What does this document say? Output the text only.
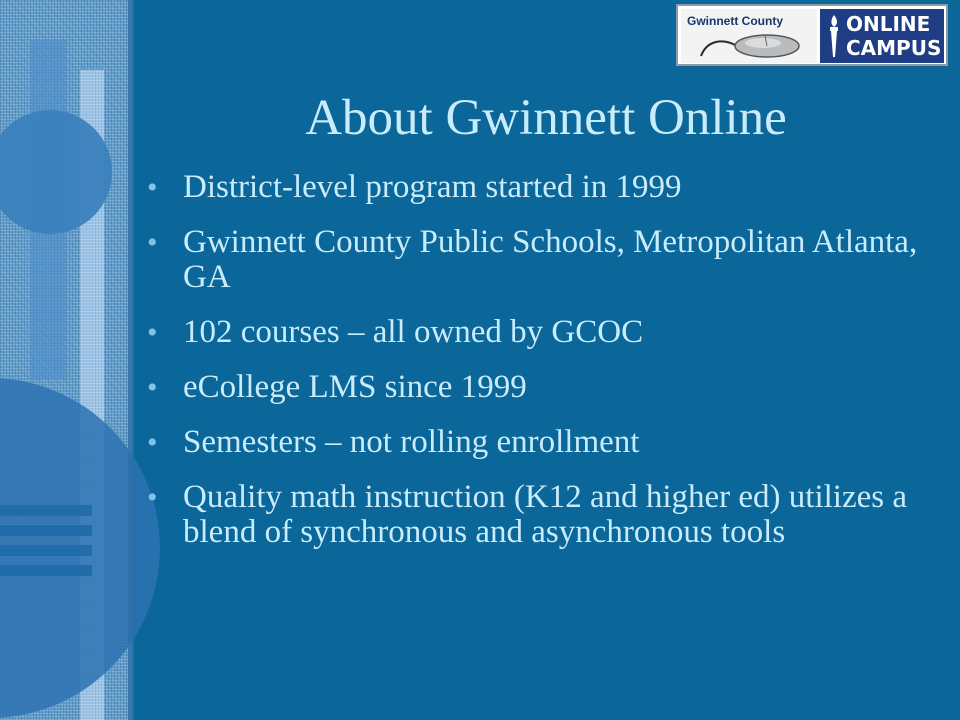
Gwinnett County	ONLINE
CAMPUS
About Gwinnett Online
• District-level program started in 1999
• Gwinnett County Public Schools, Metropolitan Atlanta, GA
• 102 courses – all owned by GCOC
• eCollege LMS since 1999
• Semesters – not rolling enrollment
• Quality math instruction (K12 and higher ed) utilizes a blend of synchronous and asynchronous tools
